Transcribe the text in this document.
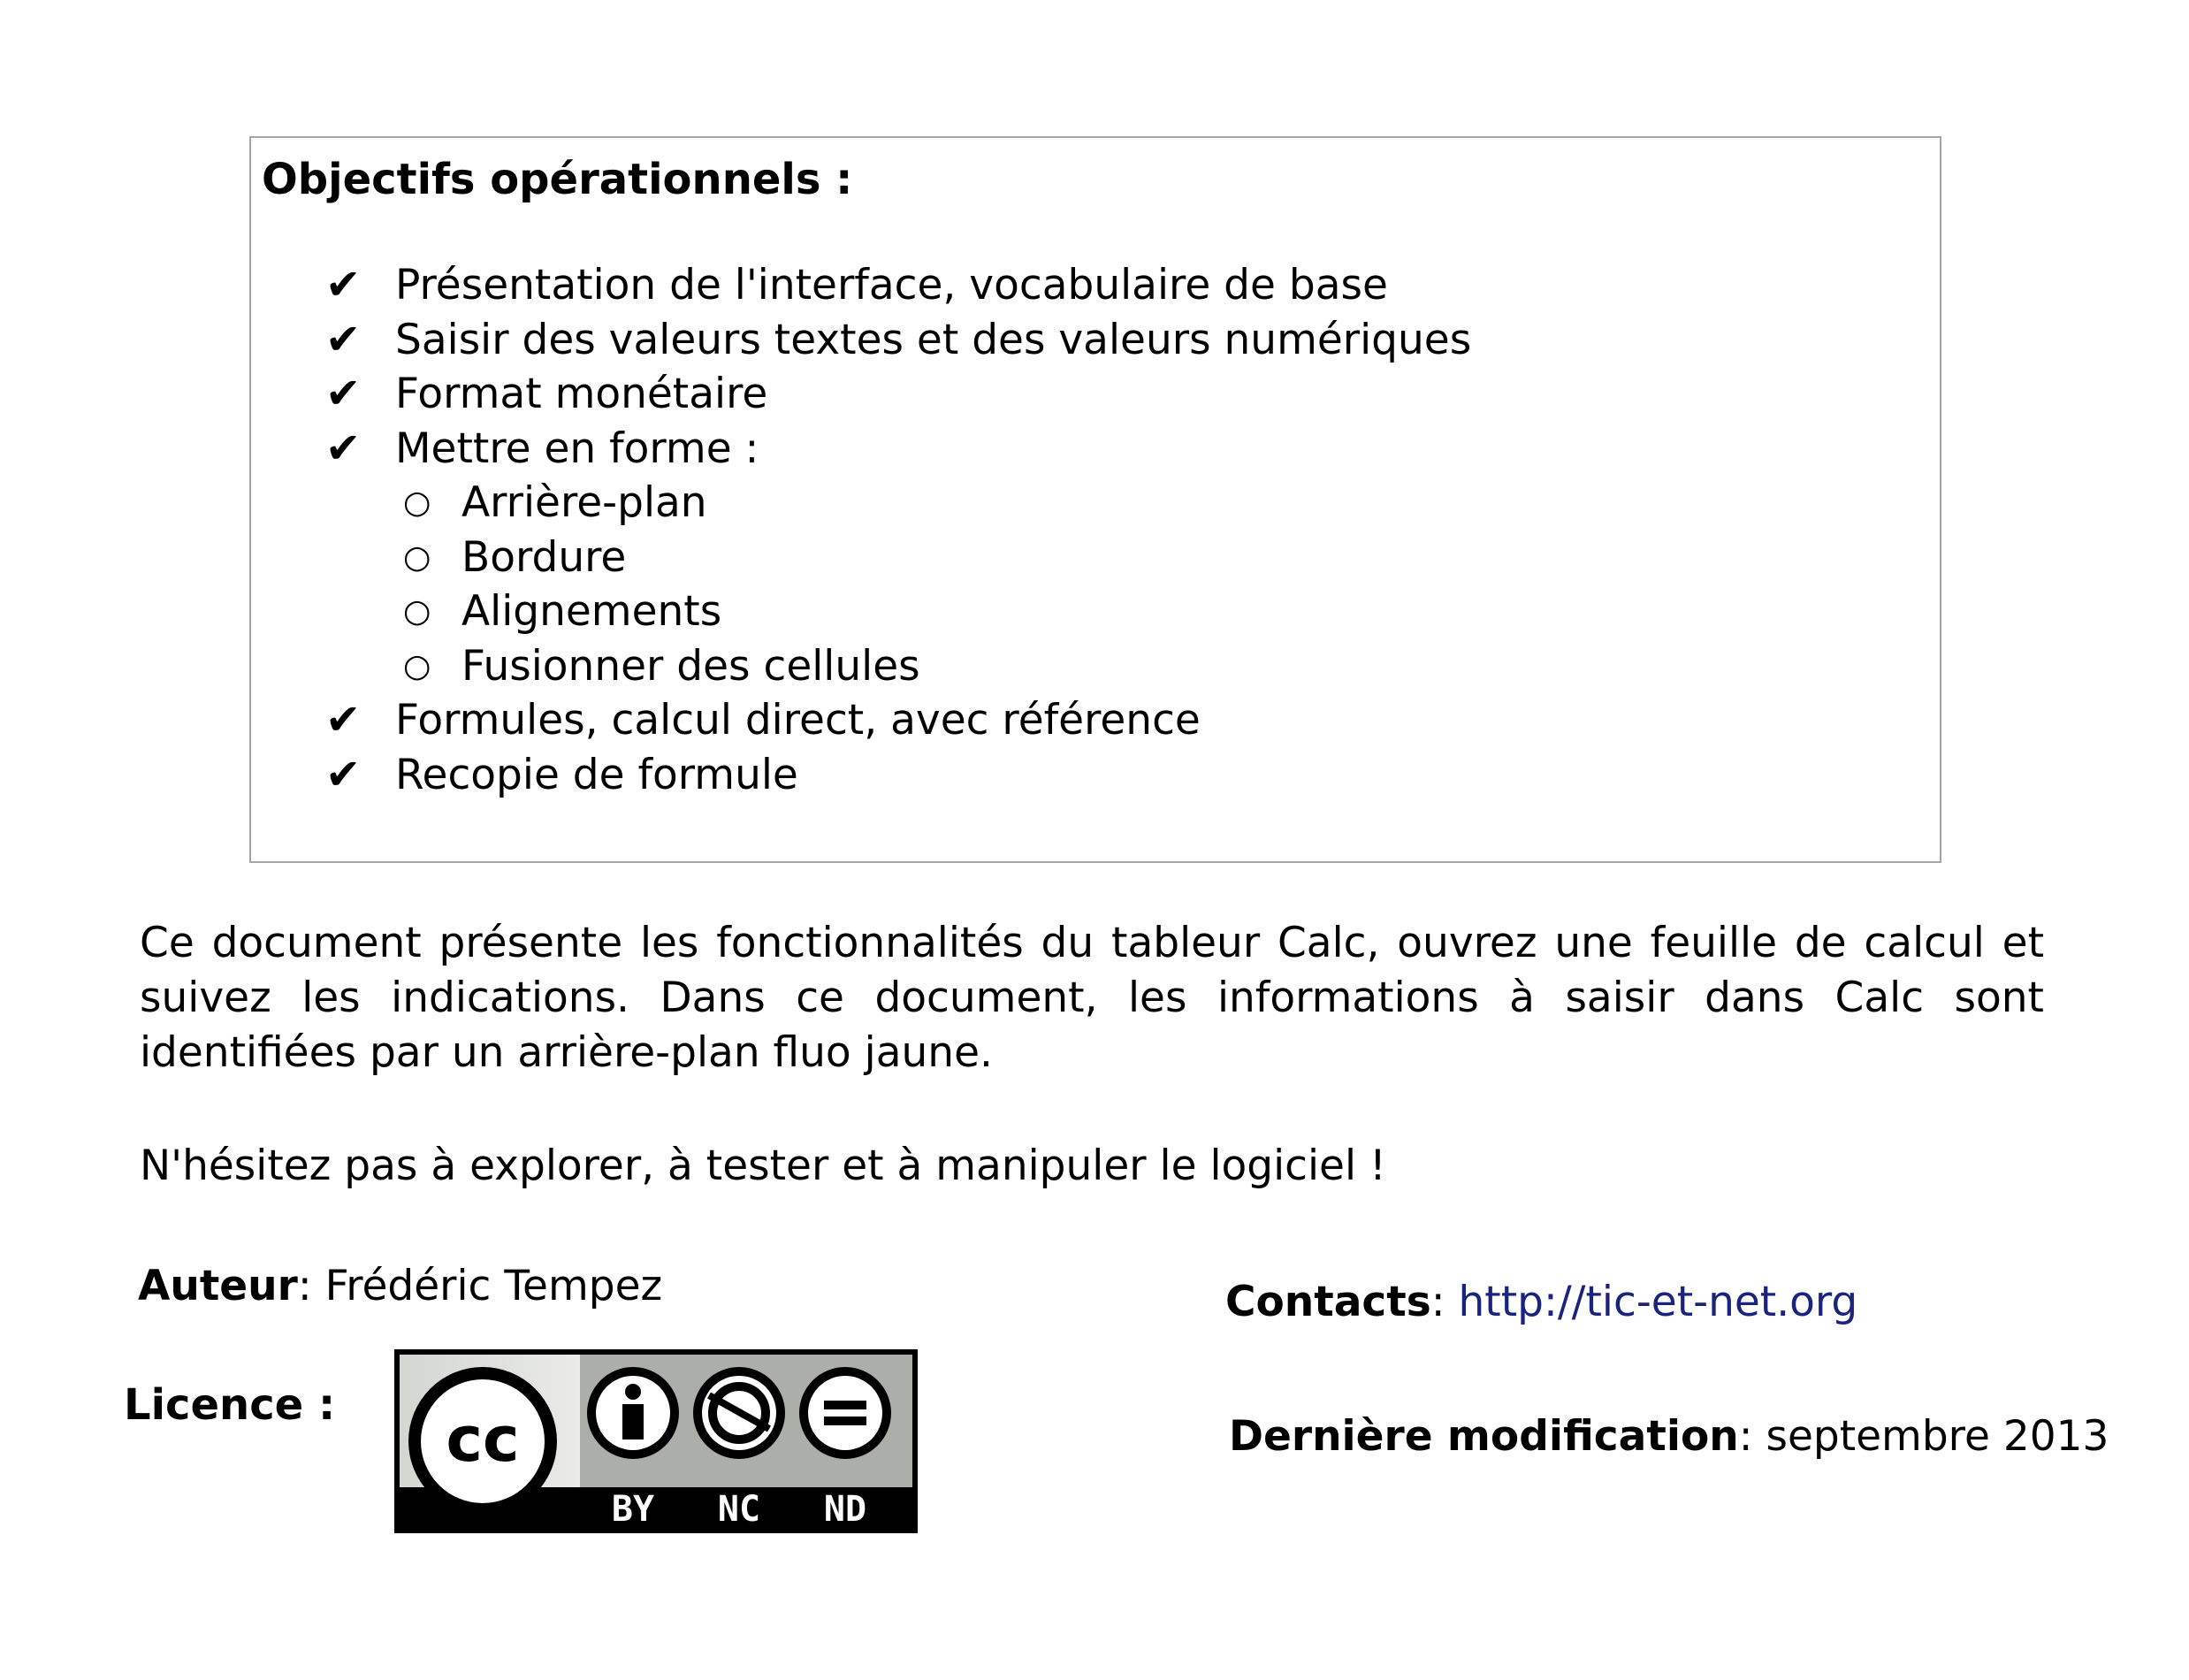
Objectifs opérationnels :
✔ Présentation de l'interface, vocabulaire de base
✔ Saisir des valeurs textes et des valeurs numériques
✔ Format monétaire
✔ Mettre en forme :
○ Arrière-plan
○ Bordure
○ Alignements
○ Fusionner des cellules
✔ Formules, calcul direct, avec référence
✔ Recopie de formule

Ce document présente les fonctionnalités du tableur Calc, ouvrez une feuille de calcul et suivez les indications. Dans ce document, les informations à saisir dans Calc sont identifiées par un arrière-plan fluo jaune.

N'hésitez pas à explorer, à tester et à manipuler le logiciel !

Auteur: Frédéric Tempez	Contacts: http://tic-et-net.org
Licence :
Dernière modification: septembre 2013
cc
BY NC ND
